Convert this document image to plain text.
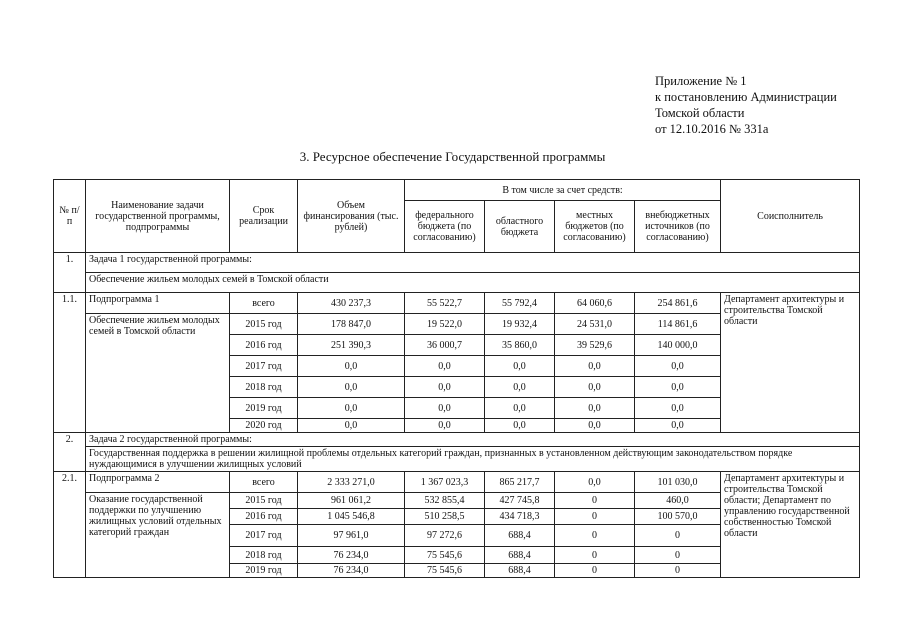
Приложение № 1
к постановлению Администрации
Томской области
от 12.10.2016 № 331а
3. Ресурсное обеспечение Государственной программы
№ п/п	Наименование задачи государственной программы, подпрограммы	Срок реализации	Объем финансирования (тыс. рублей)	В том числе за счет средств:				Соисполнитель
				федерального бюджета (по согласованию)	областного бюджета	местных бюджетов (по согласованию)	внебюджетных источников (по согласованию)	
1.	Задача 1 государственной программы:							
	Обеспечение жильем молодых семей в Томской области							
1.1.	Подпрограмма 1	всего	430 237,3	55 522,7	55 792,4	64 060,6	254 861,6	Департамент архитектуры и строительства Томской области
	Обеспечение жильем молодых семей в Томской области	2015 год	178 847,0	19 522,0	19 932,4	24 531,0	114 861,6	
		2016 год	251 390,3	36 000,7	35 860,0	39 529,6	140 000,0	
		2017 год	0,0	0,0	0,0	0,0	0,0	
		2018 год	0,0	0,0	0,0	0,0	0,0	
		2019 год	0,0	0,0	0,0	0,0	0,0	
		2020 год	0,0	0,0	0,0	0,0	0,0	
2.	Задача 2 государственной программы:							
	Государственная поддержка в решении жилищной проблемы отдельных категорий граждан, признанных в установленном действующим законодательством порядке нуждающимися в улучшении жилищных условий							
2.1.	Подпрограмма 2	всего	2 333 271,0	1 367 023,3	865 217,7	0,0	101 030,0	Департамент архитектуры и строительства Томской области; Департамент по управлению государственной собственностью Томской области
	Оказание государственной поддержки по улучшению жилищных условий отдельных категорий граждан	2015 год	961 061,2	532 855,4	427 745,8	0	460,0	
		2016 год	1 045 546,8	510 258,5	434 718,3	0	100 570,0	
		2017 год	97 961,0	97 272,6	688,4	0	0	
		2018 год	76 234,0	75 545,6	688,4	0	0	
		2019 год	76 234,0	75 545,6	688,4	0	0	
